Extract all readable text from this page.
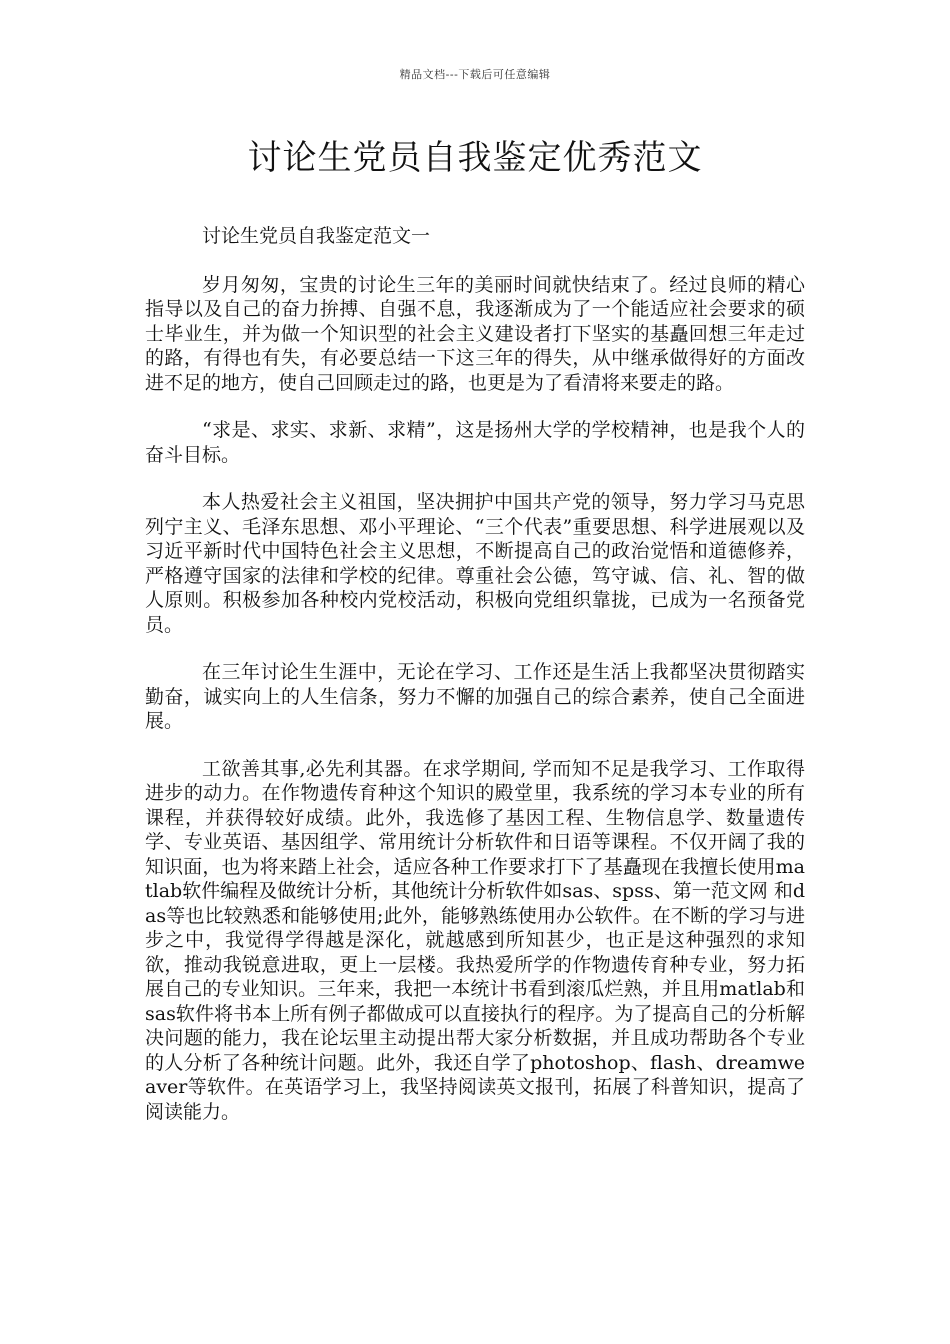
精品文档---下载后可任意编辑
讨论生党员自我鉴定优秀范文

讨论生党员自我鉴定范文一

岁月匆匆，宝贵的讨论生三年的美丽时间就快结束了。经过良师的精心指导以及自己的奋力拚搏、自强不息，我逐渐成为了一个能适应社会要求的硕士毕业生，并为做一个知识型的社会主义建设者打下坚实的基矗回想三年走过的路，有得也有失，有必要总结一下这三年的得失，从中继承做得好的方面改进不足的地方，使自己回顾走过的路，也更是为了看清将来要走的路。

“求是、求实、求新、求精”，这是扬州大学的学校精神，也是我个人的奋斗目标。

本人热爱社会主义祖国，坚决拥护中国共产党的领导，努力学习马克思列宁主义、毛泽东思想、邓小平理论、“三个代表”重要思想、科学进展观以及习近平新时代中国特色社会主义思想，不断提高自己的政治觉悟和道德修养，严格遵守国家的法律和学校的纪律。尊重社会公德，笃守诚、信、礼、智的做人原则。积极参加各种校内党校活动，积极向党组织靠拢，已成为一名预备党员。

在三年讨论生生涯中，无论在学习、工作还是生活上我都坚决贯彻踏实勤奋，诚实向上的人生信条，努力不懈的加强自己的综合素养，使自己全面进展。

工欲善其事,必先利其器。在求学期间, 学而知不足是我学习、工作取得进步的动力。在作物遗传育种这个知识的殿堂里，我系统的学习本专业的所有课程，并获得较好成绩。此外，我选修了基因工程、生物信息学、数量遗传学、专业英语、基因组学、常用统计分析软件和日语等课程。不仅开阔了我的知识面，也为将来踏上社会，适应各种工作要求打下了基矗现在我擅长使用matlab软件编程及做统计分析，其他统计分析软件如sas、spss、第一范文网 和das等也比较熟悉和能够使用;此外，能够熟练使用办公软件。在不断的学习与进步之中，我觉得学得越是深化，就越感到所知甚少，也正是这种强烈的求知欲，推动我锐意进取，更上一层楼。我热爱所学的作物遗传育种专业，努力拓展自己的专业知识。三年来，我把一本统计书看到滚瓜烂熟，并且用matlab和sas软件将书本上所有例子都做成可以直接执行的程序。为了提高自己的分析解决问题的能力，我在论坛里主动提出帮大家分析数据，并且成功帮助各个专业的人分析了各种统计问题。此外，我还自学了photoshop、flash、dreamweaver等软件。在英语学习上，我坚持阅读英文报刊，拓展了科普知识，提高了阅读能力。
